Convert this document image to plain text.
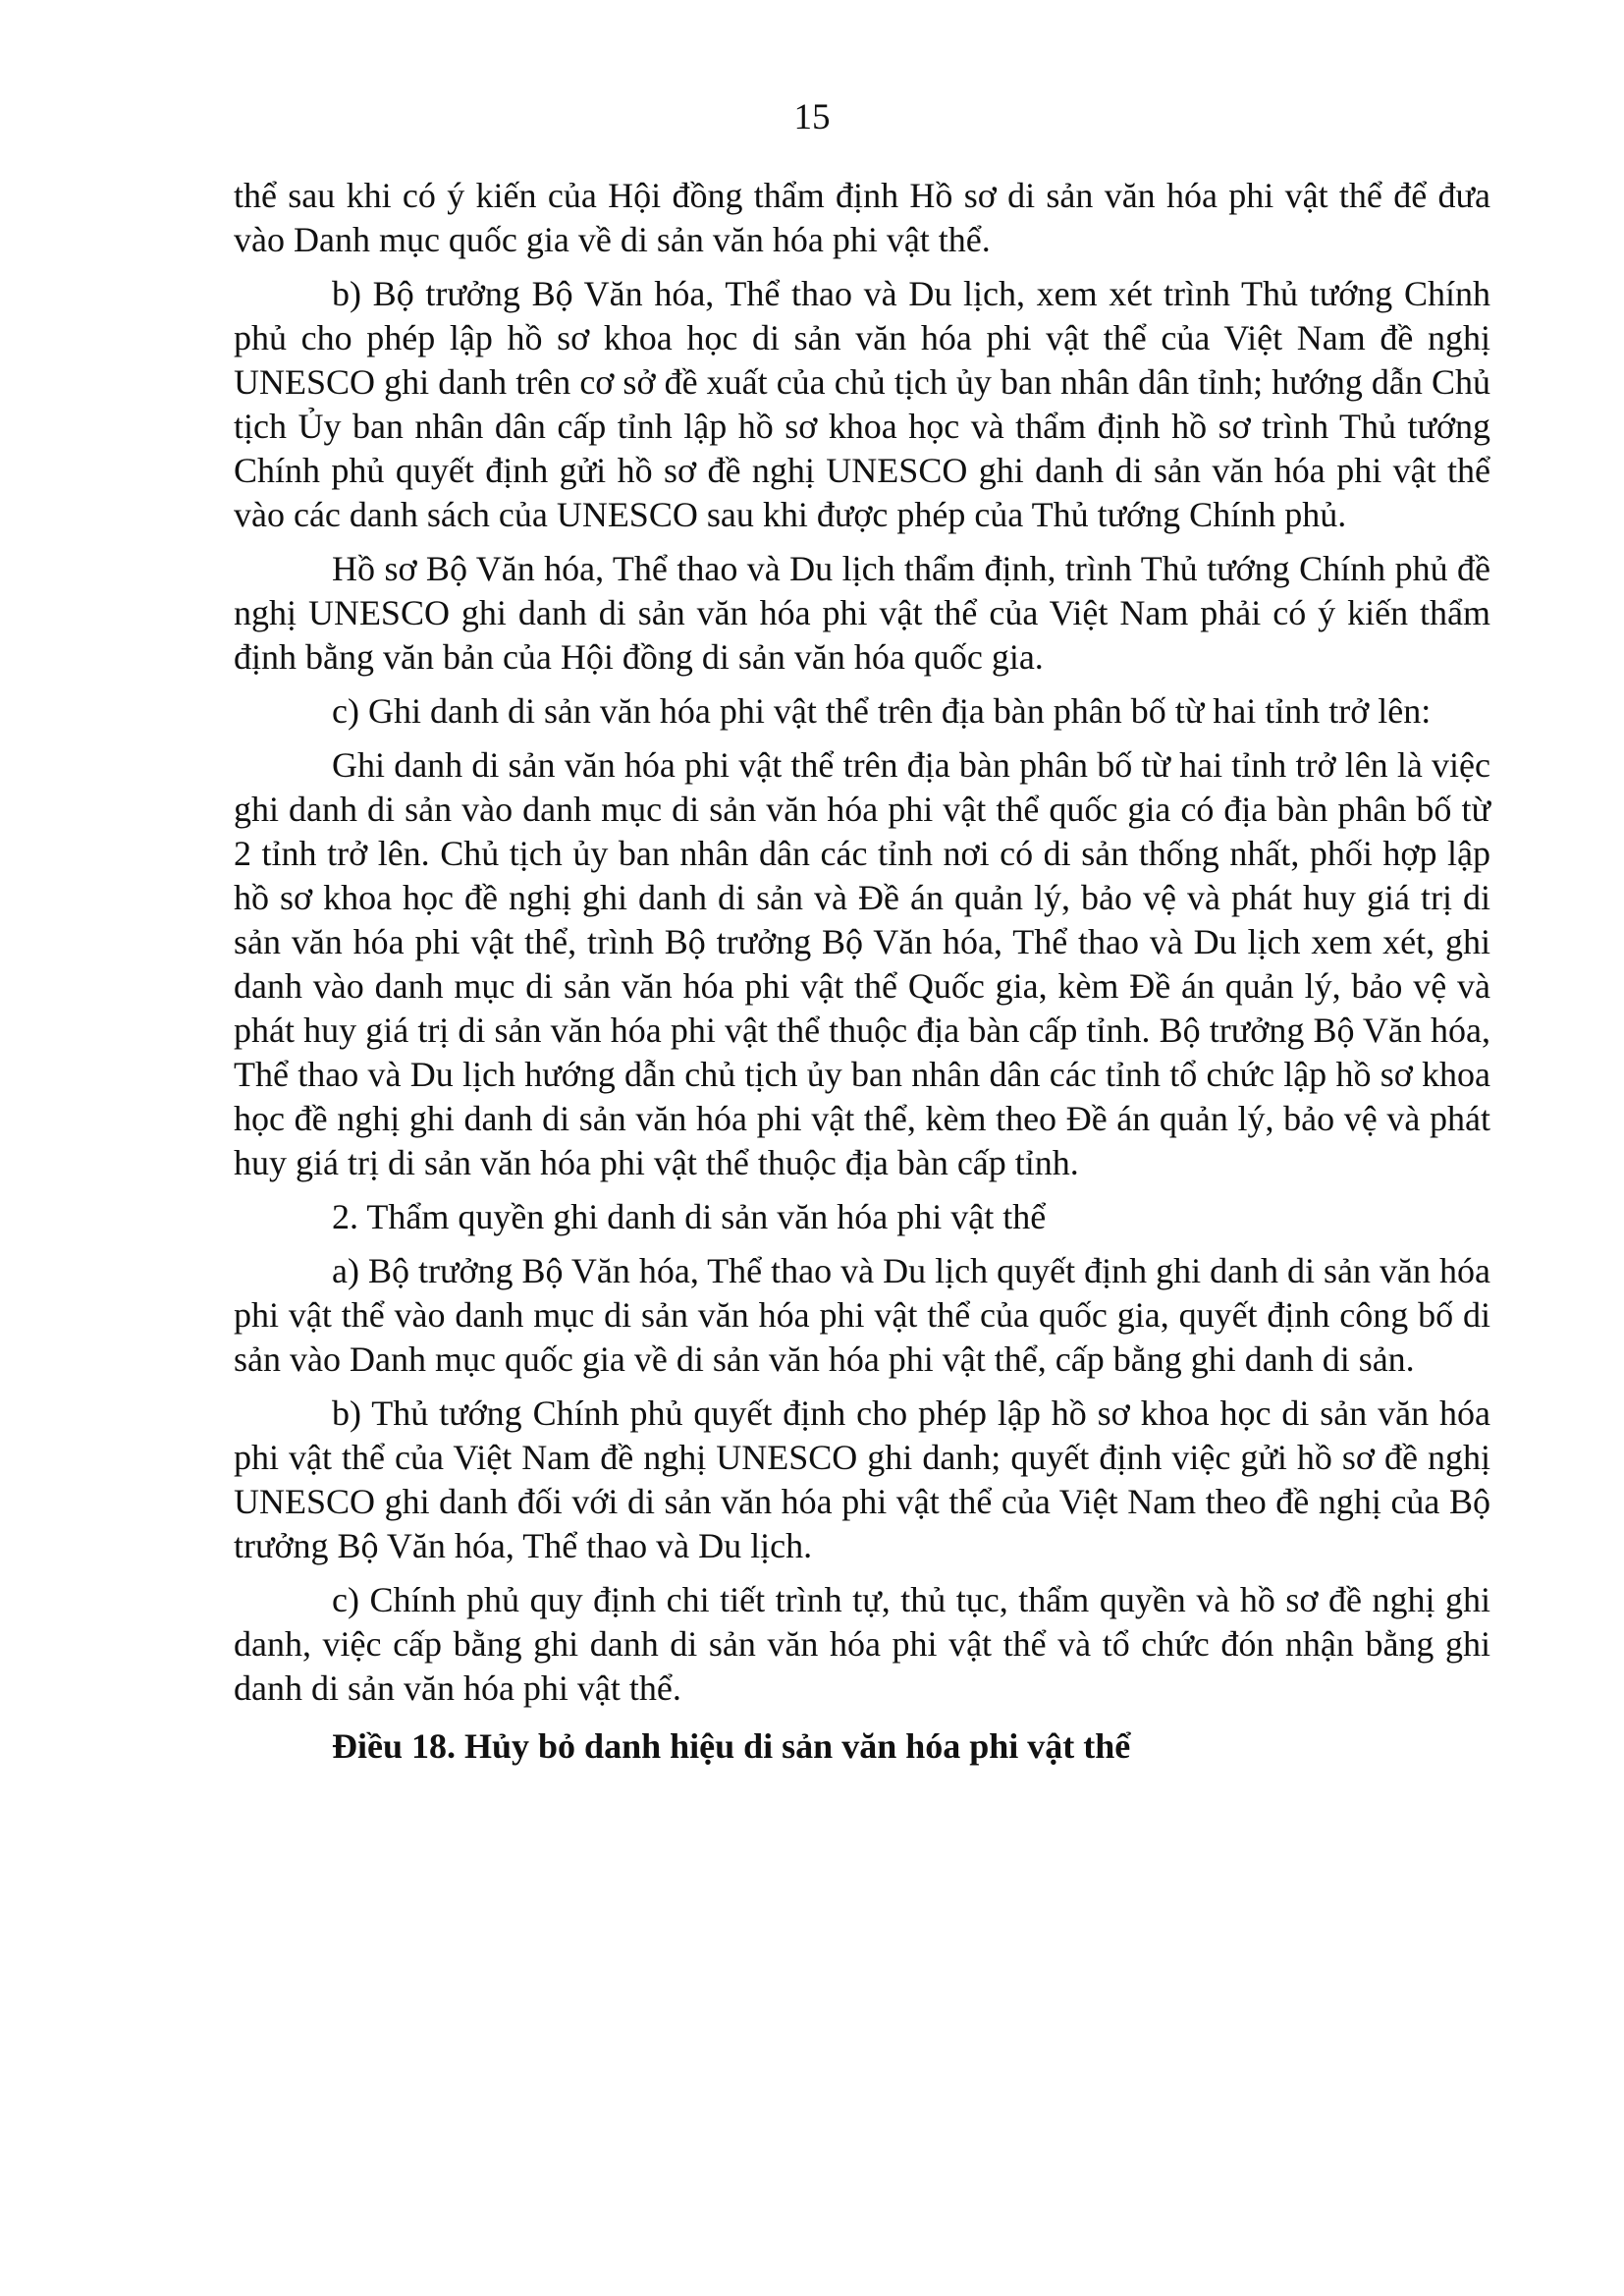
15

thể sau khi có ý kiến của Hội đồng thẩm định Hồ sơ di sản văn hóa phi vật thể để đưa vào Danh mục quốc gia về di sản văn hóa phi vật thể.

b) Bộ trưởng Bộ Văn hóa, Thể thao và Du lịch, xem xét trình Thủ tướng Chính phủ cho phép lập hồ sơ khoa học di sản văn hóa phi vật thể của Việt Nam đề nghị UNESCO ghi danh trên cơ sở đề xuất của chủ tịch ủy ban nhân dân tỉnh; hướng dẫn Chủ tịch Ủy ban nhân dân cấp tỉnh lập hồ sơ khoa học và thẩm định hồ sơ trình Thủ tướng Chính phủ quyết định gửi hồ sơ đề nghị UNESCO ghi danh di sản văn hóa phi vật thể vào các danh sách của UNESCO sau khi được phép của Thủ tướng Chính phủ.

Hồ sơ Bộ Văn hóa, Thể thao và Du lịch thẩm định, trình Thủ tướng Chính phủ đề nghị UNESCO ghi danh di sản văn hóa phi vật thể của Việt Nam phải có ý kiến thẩm định bằng văn bản của Hội đồng di sản văn hóa quốc gia.

c) Ghi danh di sản văn hóa phi vật thể trên địa bàn phân bố từ hai tỉnh trở lên:

Ghi danh di sản văn hóa phi vật thể trên địa bàn phân bố từ hai tỉnh trở lên là việc ghi danh di sản vào danh mục di sản văn hóa phi vật thể quốc gia có địa bàn phân bố từ 2 tỉnh trở lên. Chủ tịch ủy ban nhân dân các tỉnh nơi có di sản thống nhất, phối hợp lập hồ sơ khoa học đề nghị ghi danh di sản và Đề án quản lý, bảo vệ và phát huy giá trị di sản văn hóa phi vật thể, trình Bộ trưởng Bộ Văn hóa, Thể thao và Du lịch xem xét, ghi danh vào danh mục di sản văn hóa phi vật thể Quốc gia, kèm Đề án quản lý, bảo vệ và phát huy giá trị di sản văn hóa phi vật thể thuộc địa bàn cấp tỉnh. Bộ trưởng Bộ Văn hóa, Thể thao và Du lịch hướng dẫn chủ tịch ủy ban nhân dân các tỉnh tổ chức lập hồ sơ khoa học đề nghị ghi danh di sản văn hóa phi vật thể, kèm theo Đề án quản lý, bảo vệ và phát huy giá trị di sản văn hóa phi vật thể thuộc địa bàn cấp tỉnh.

2. Thẩm quyền ghi danh di sản văn hóa phi vật thể

a) Bộ trưởng Bộ Văn hóa, Thể thao và Du lịch quyết định ghi danh di sản văn hóa phi vật thể vào danh mục di sản văn hóa phi vật thể của quốc gia, quyết định công bố di sản vào Danh mục quốc gia về di sản văn hóa phi vật thể, cấp bằng ghi danh di sản.

b) Thủ tướng Chính phủ quyết định cho phép lập hồ sơ khoa học di sản văn hóa phi vật thể của Việt Nam đề nghị UNESCO ghi danh; quyết định việc gửi hồ sơ đề nghị UNESCO ghi danh đối với di sản văn hóa phi vật thể của Việt Nam theo đề nghị của Bộ trưởng Bộ Văn hóa, Thể thao và Du lịch.

c) Chính phủ quy định chi tiết trình tự, thủ tục, thẩm quyền và hồ sơ đề nghị ghi danh, việc cấp bằng ghi danh di sản văn hóa phi vật thể và tổ chức đón nhận bằng ghi danh di sản văn hóa phi vật thể.

Điều 18. Hủy bỏ danh hiệu di sản văn hóa phi vật thể
